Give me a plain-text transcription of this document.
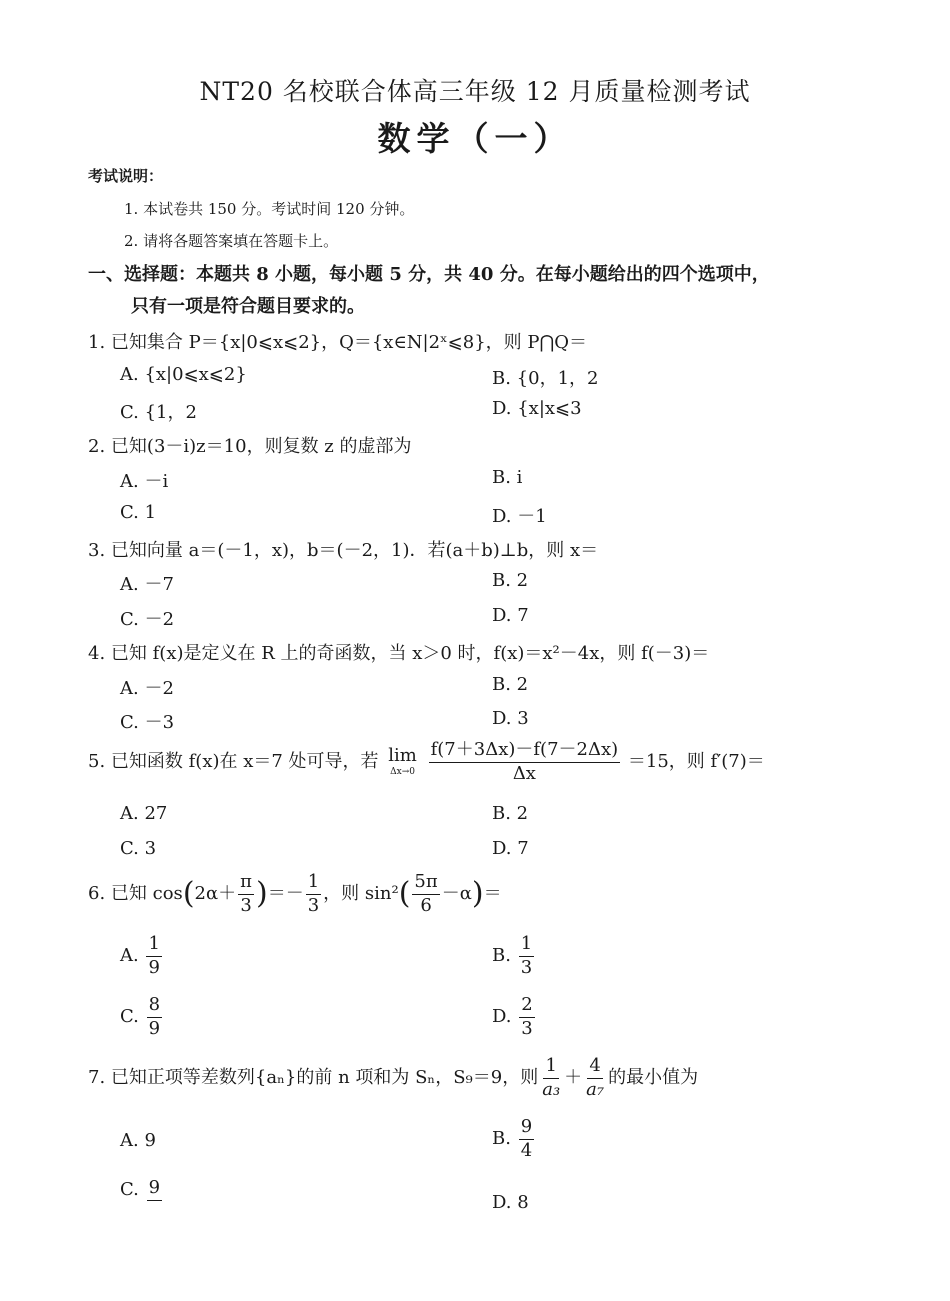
NT20 名校联合体高三年级 12 月质量检测考试
数学（一）
考试说明：
1. 本试卷共 150 分。考试时间 120 分钟。
2. 请将各题答案填在答题卡上。
一、选择题：本题共 8 小题，每小题 5 分，共 40 分。在每小题给出的四个选项中，
只有一项是符合题目要求的。
1. 已知集合 P＝{x|0⩽x⩽2}，Q＝{x∈N|2ˣ⩽8}，则 P⋂Q＝
A. {x|0⩽x⩽2}	B. {0，1，2
C. {1，2	D. {x|x⩽3
2. 已知(3－i)z＝10，则复数 z 的虚部为
A. －i	B. i
C. 1	D. －1
3. 已知向量 a＝(－1，x)，b＝(－2，1)．若(a＋b)⊥b，则 x＝
A. －7	B. 2
C. －2	D. 7
4. 已知 f(x)是定义在 R 上的奇函数，当 x＞0 时，f(x)＝x²－4x，则 f(－3)＝
A. －2	B. 2
C. －3	D. 3
5. 已知函数 f(x)在 x＝7 处可导，若 lim
Δx→0
$\frac{f(7+3\Delta x)-f(7-2\Delta x)}{\Delta x} =15$，则 f′(7)＝
A. 27	B. 2
C. 3	D. 7
6. 已知 $\cos(2\alpha+ \frac{\pi}{3}$ )＝－ $\frac{1}{3}$ ，则 $\sin^2( \frac{5\pi}{6} -\alpha)=$
A. $\frac{1}{9}$	B. $\frac{1}{3}$
C. $\frac{8}{9}$	D. $\frac{2}{3}$
7. 已知正项等差数列{aₙ}的前 n 项和为 Sₙ，S₉＝9，则 $\frac{1}{\text{a₃}} + \frac{4}{\text{a₇}}$ 的最小值为
A. 9	B. $\frac{9}{4}$
C. 9
D. 8
